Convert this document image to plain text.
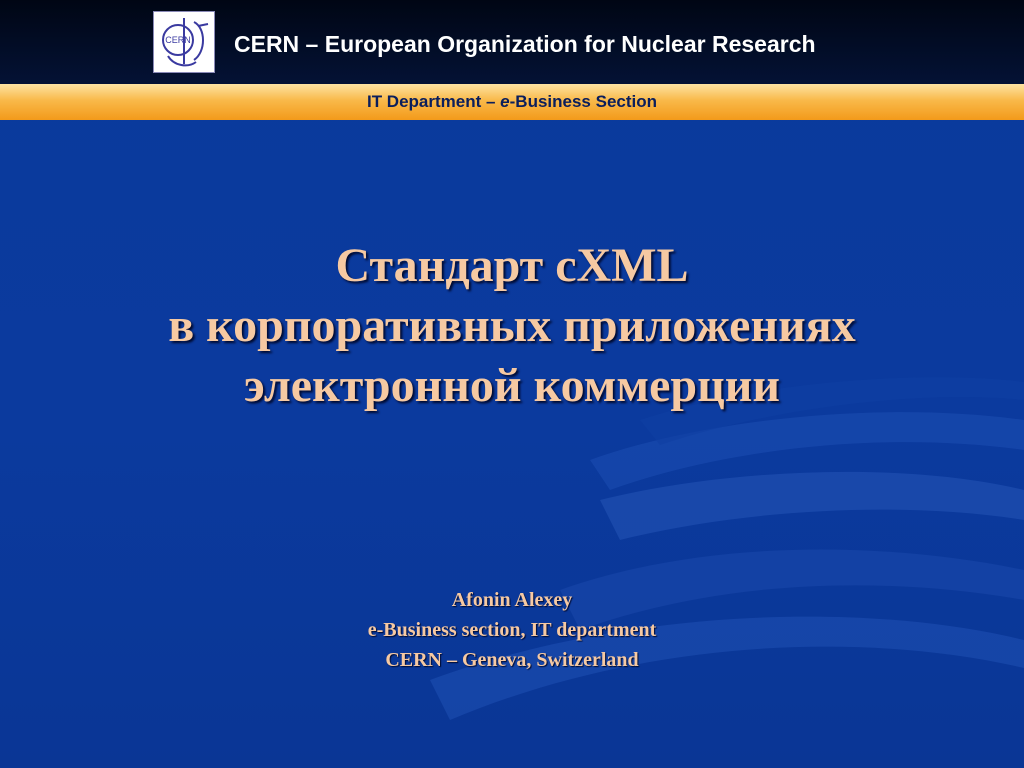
CERN CERN – European Organization for Nuclear Research
IT Department – e-Business Section
Стандарт cXML
в корпоративных приложениях
электронной коммерции
Afonin Alexey
e-Business section, IT department
CERN – Geneva, Switzerland
